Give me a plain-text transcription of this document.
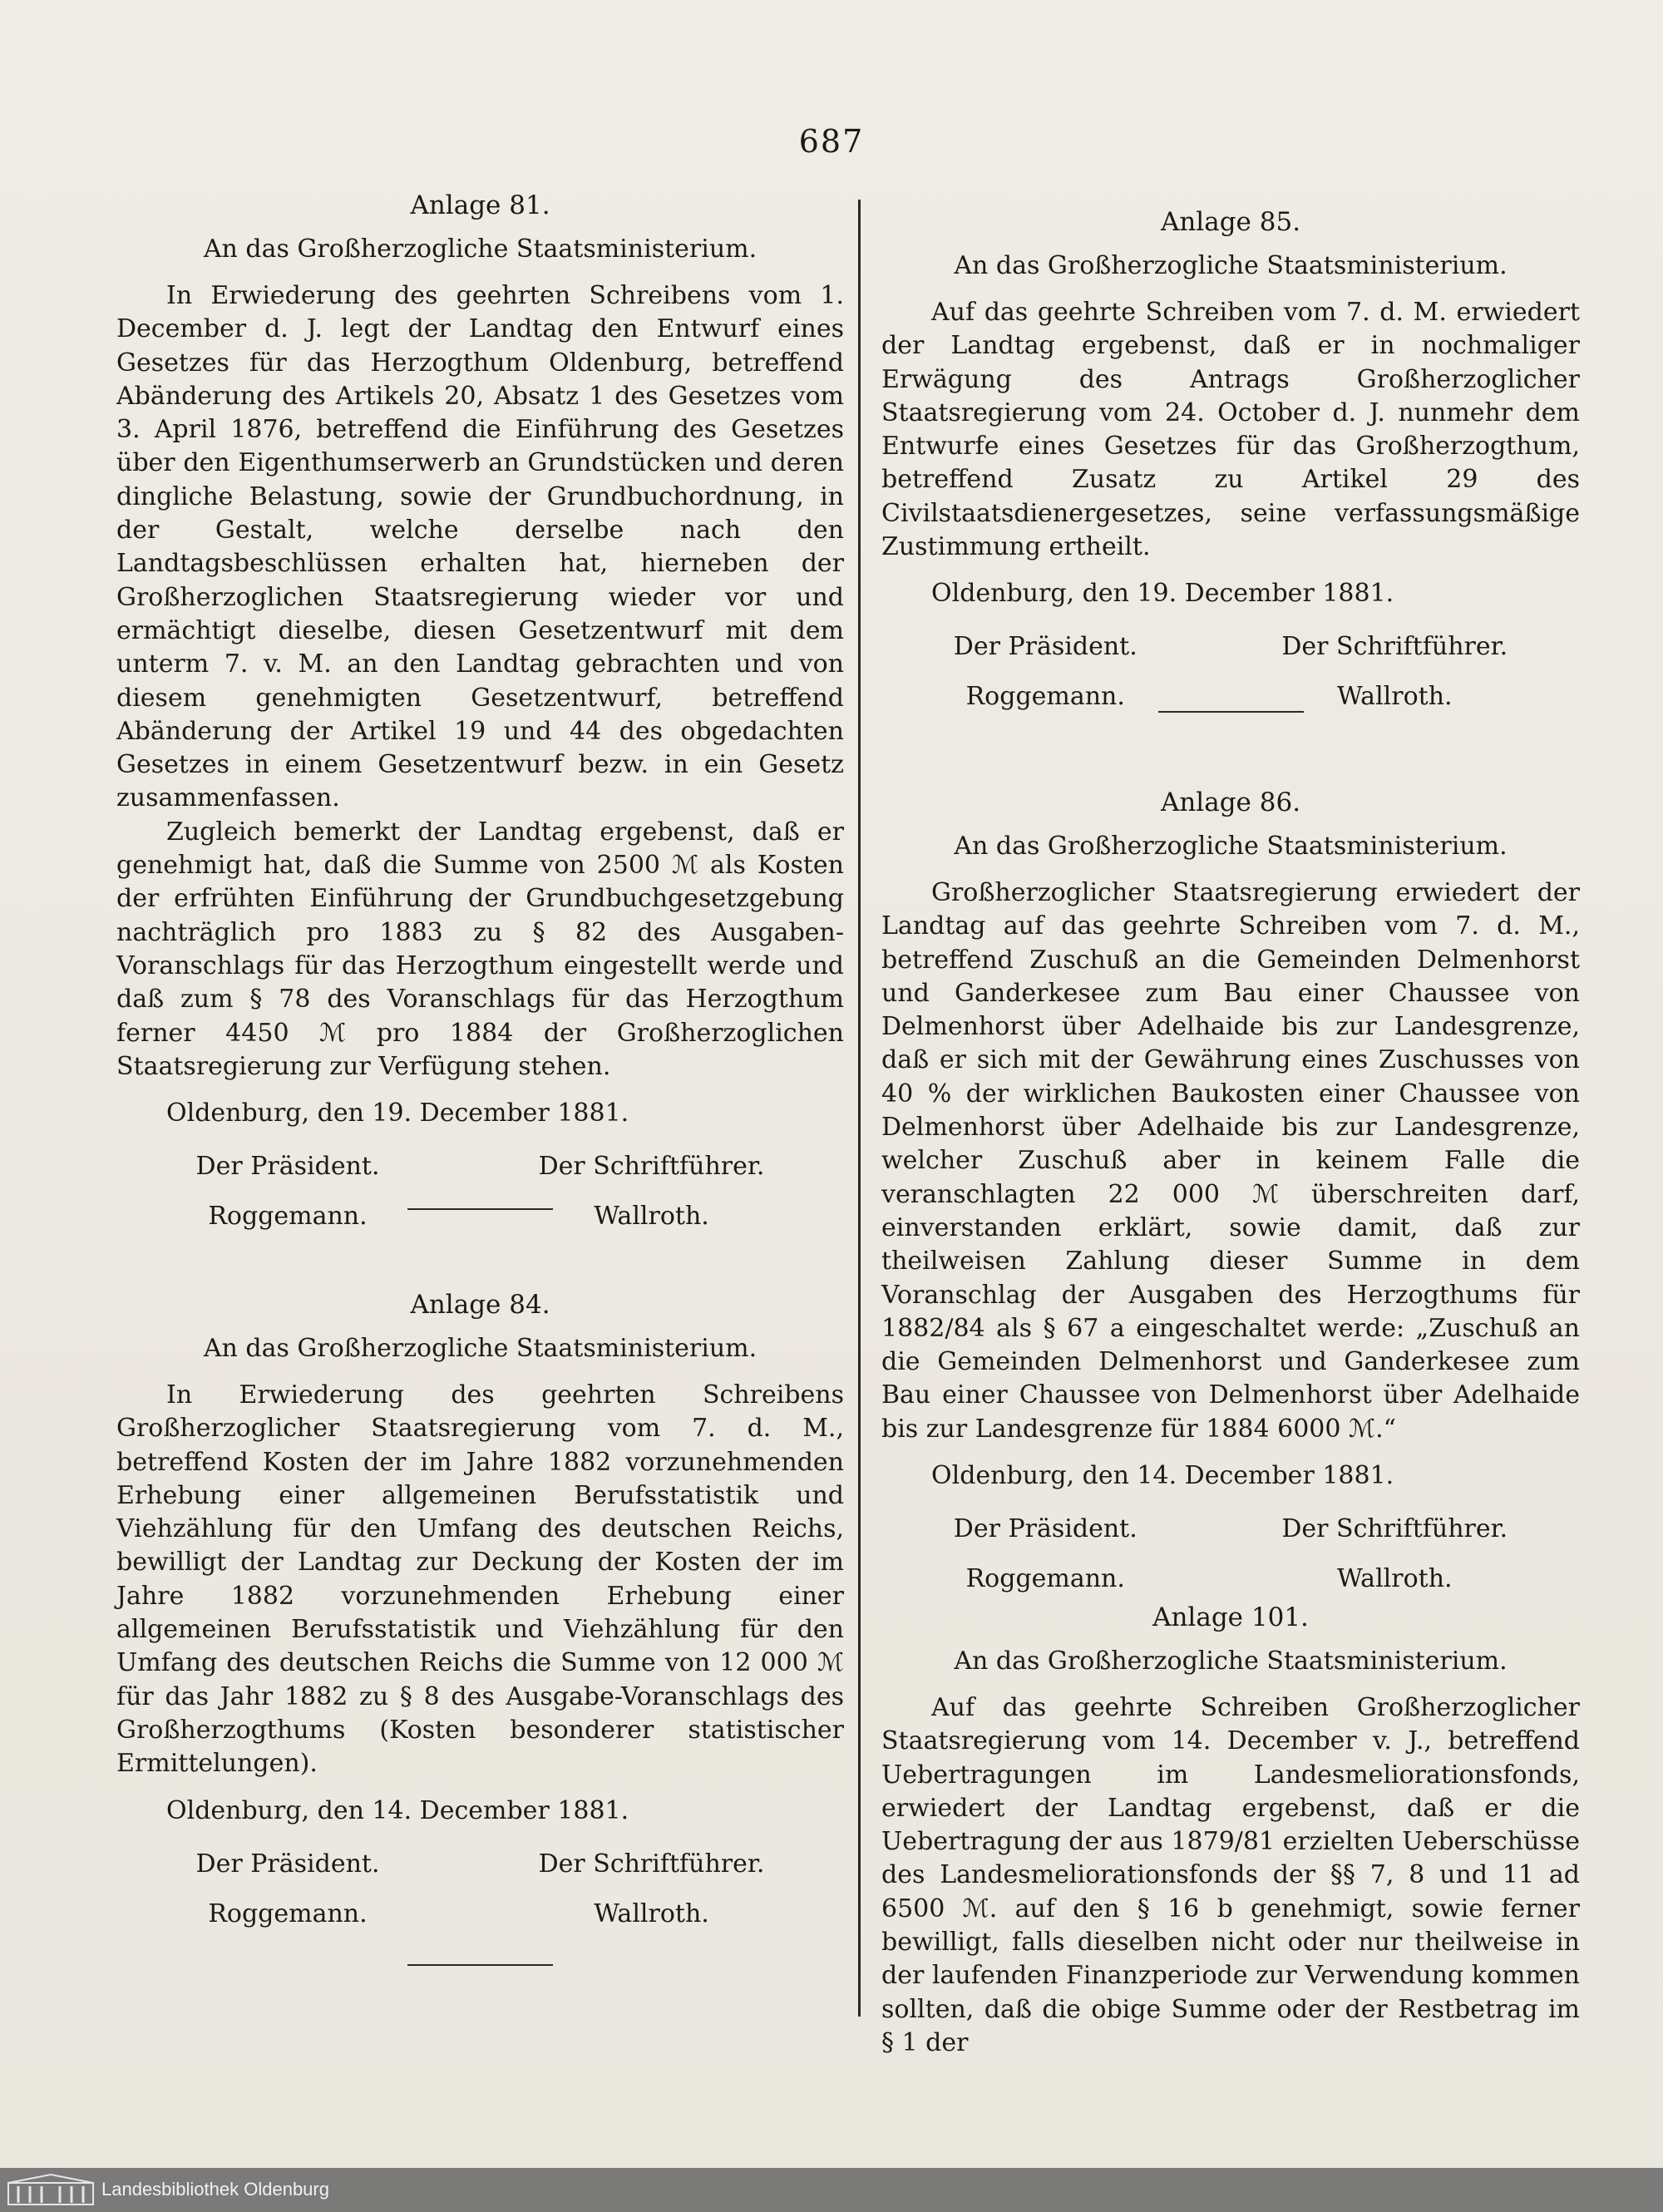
687
Anlage 81.
An das Großherzogliche Staatsministerium.

In Erwiederung des geehrten Schreibens vom 1. December d. J. legt der Landtag den Entwurf eines Gesetzes für das Herzogthum Oldenburg, betreffend Abänderung des Artikels 20, Absatz 1 des Gesetzes vom 3. April 1876, betreffend die Einführung des Gesetzes über den Eigenthumserwerb an Grundstücken und deren dingliche Belastung, sowie der Grundbuchordnung, in der Gestalt, welche derselbe nach den Landtagsbeschlüssen erhalten hat, hierneben der Großherzoglichen Staatsregierung wieder vor und ermächtigt dieselbe, diesen Gesetzentwurf mit dem unterm 7. v. M. an den Landtag gebrachten und von diesem genehmigten Gesetzentwurf, betreffend Abänderung der Artikel 19 und 44 des obgedachten Gesetzes in einem Gesetzentwurf bezw. in ein Gesetz zusammenfassen.

Zugleich bemerkt der Landtag ergebenst, daß er genehmigt hat, daß die Summe von 2500 ℳ als Kosten der erfrühten Einführung der Grundbuchgesetzgebung nachträglich pro 1883 zu § 82 des Ausgaben-Voranschlags für das Herzogthum eingestellt werde und daß zum § 78 des Voranschlags für das Herzogthum ferner 4450 ℳ pro 1884 der Großherzoglichen Staatsregierung zur Verfügung stehen.

Oldenburg, den 19. December 1881.
Der Präsident.
Roggemann.
Der Schriftführer.
Wallroth.
Anlage 84.
An das Großherzogliche Staatsministerium.

In Erwiederung des geehrten Schreibens Großherzoglicher Staatsregierung vom 7. d. M., betreffend Kosten der im Jahre 1882 vorzunehmenden Erhebung einer allgemeinen Berufsstatistik und Viehzählung für den Umfang des deutschen Reichs, bewilligt der Landtag zur Deckung der Kosten der im Jahre 1882 vorzunehmenden Erhebung einer allgemeinen Berufsstatistik und Viehzählung für den Umfang des deutschen Reichs die Summe von 12 000 ℳ für das Jahr 1882 zu § 8 des Ausgabe-Voranschlags des Großherzogthums (Kosten besonderer statistischer Ermittelungen).

Oldenburg, den 14. December 1881.
Der Präsident.
Roggemann.
Der Schriftführer.
Wallroth.
Anlage 85.
An das Großherzogliche Staatsministerium.

Auf das geehrte Schreiben vom 7. d. M. erwiedert der Landtag ergebenst, daß er in nochmaliger Erwägung des Antrags Großherzoglicher Staatsregierung vom 24. October d. J. nunmehr dem Entwurfe eines Gesetzes für das Großherzogthum, betreffend Zusatz zu Artikel 29 des Civilstaatsdienergesetzes, seine verfassungsmäßige Zustimmung ertheilt.

Oldenburg, den 19. December 1881.
Der Präsident.
Roggemann.
Der Schriftführer.
Wallroth.
Anlage 86.
An das Großherzogliche Staatsministerium.

Großherzoglicher Staatsregierung erwiedert der Landtag auf das geehrte Schreiben vom 7. d. M., betreffend Zuschuß an die Gemeinden Delmenhorst und Ganderkesee zum Bau einer Chaussee von Delmenhorst über Adelhaide bis zur Landesgrenze, daß er sich mit der Gewährung eines Zuschusses von 40 % der wirklichen Baukosten einer Chaussee von Delmenhorst über Adelhaide bis zur Landesgrenze, welcher Zuschuß aber in keinem Falle die veranschlagten 22 000 ℳ überschreiten darf, einverstanden erklärt, sowie damit, daß zur theilweisen Zahlung dieser Summe in dem Voranschlag der Ausgaben des Herzogthums für 1882/84 als § 67 a eingeschaltet werde: „Zuschuß an die Gemeinden Delmenhorst und Ganderkesee zum Bau einer Chaussee von Delmenhorst über Adelhaide bis zur Landesgrenze für 1884 6000 ℳ.“

Oldenburg, den 14. December 1881.
Der Präsident.
Roggemann.
Der Schriftführer.
Wallroth.
Anlage 101.
An das Großherzogliche Staatsministerium.

Auf das geehrte Schreiben Großherzoglicher Staatsregierung vom 14. December v. J., betreffend Uebertragungen im Landesmeliorationsfonds, erwiedert der Landtag ergebenst, daß er die Uebertragung der aus 1879/81 erzielten Ueberschüsse des Landesmeliorationsfonds der §§ 7, 8 und 11 ad 6500 ℳ. auf den § 16 b genehmigt, sowie ferner bewilligt, falls dieselben nicht oder nur theilweise in der laufenden Finanzperiode zur Verwendung kommen sollten, daß die obige Summe oder der Restbetrag im § 1 der

Landesbibliothek Oldenburg
